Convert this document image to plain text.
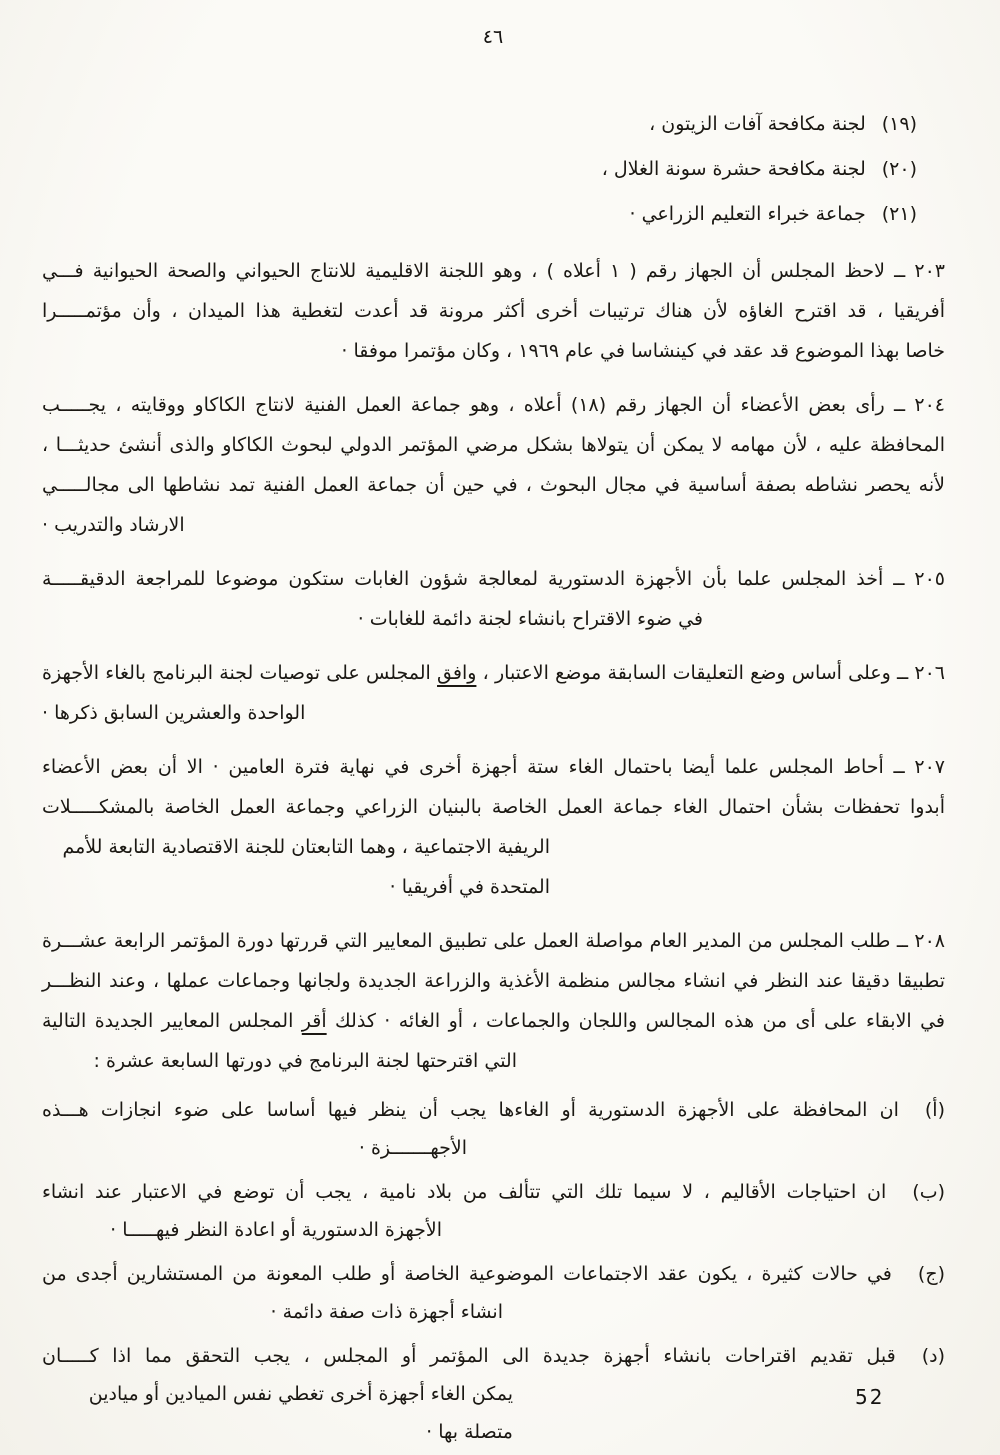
٤٦
(١٩)لجنة مكافحة آفات الزيتون ،
(٢٠)لجنة مكافحة حشرة سونة الغلال ،
(٢١)جماعة خبراء التعليم الزراعي ·
٢٠٣ ــ لاحظ المجلس أن الجهاز رقم ( ١ أعلاه ) ، وهو اللجنة الاقليمية للانتاج الحيواني والصحة الحيوانية فـــي
أفريقيا ، قد اقترح الغاؤه لأن هناك ترتيبات أخرى أكثر مرونة قد أعدت لتغطية هذا الميدان ، وأن مؤتمـــــرا
خاصا بهذا الموضوع قد عقد في كينشاسا في عام ١٩٦٩ ، وكان مؤتمرا موفقا ·
٢٠٤ ــ رأى بعض الأعضاء أن الجهاز رقم (١٨) أعلاه ، وهو جماعة العمل الفنية لانتاج الكاكاو ووقايته ، يجـــــب
المحافظة عليه ، لأن مهامه لا يمكن أن يتولاها بشكل مرضي المؤتمر الدولي لبحوث الكاكاو والذى أنشئ حديثـــا ،
لأنه يحصر نشاطه بصفة أساسية في مجال البحوث ، في حين أن جماعة العمل الفنية تمد نشاطها الى مجالـــــي
الارشاد والتدريب ·
٢٠٥ ــ أخذ المجلس علما بأن الأجهزة الدستورية لمعالجة شؤون الغابات ستكون موضوعا للمراجعة الدقيقـــــة
في ضوء الاقتراح بانشاء لجنة دائمة للغابات ·
٢٠٦ ــ وعلى أساس وضع التعليقات السابقة موضع الاعتبار ، وافق المجلس على توصيات لجنة البرنامج بالغاء الأجهزة
الواحدة والعشرين السابق ذكرها ·
٢٠٧ ــ أحاط المجلس علما أيضا باحتمال الغاء ستة أجهزة أخرى في نهاية فترة العامين · الا أن بعض الأعضاء
أبدوا تحفظات بشأن احتمال الغاء جماعة العمل الخاصة بالبنيان الزراعي وجماعة العمل الخاصة بالمشكـــــلات
الريفية الاجتماعية ، وهما التابعتان للجنة الاقتصادية التابعة للأمم المتحدة في أفريقيا ·
٢٠٨ ــ طلب المجلس من المدير العام مواصلة العمل على تطبيق المعايير التي قررتها دورة المؤتمر الرابعة عشـــرة
تطبيقا دقيقا عند النظر في انشاء مجالس منظمة الأغذية والزراعة الجديدة ولجانها وجماعات عملها ، وعند النظـــر
في الابقاء على أى من هذه المجالس واللجان والجماعات ، أو الغائه · كذلك أقر المجلس المعايير الجديدة التالية
التي اقترحتها لجنة البرنامج في دورتها السابعة عشرة :
(أ)ان المحافظة على الأجهزة الدستورية أو الغاءها يجب أن ينظر فيها أساسا على ضوء انجازات هـــذه
الأجهـــــــزة ·
(ب)ان احتياجات الأقاليم ، لا سيما تلك التي تتألف من بلاد نامية ، يجب أن توضع في الاعتبار عند انشاء
الأجهزة الدستورية أو اعادة النظر فيهـــــا ·
(ج)في حالات كثيرة ، يكون عقد الاجتماعات الموضوعية الخاصة أو طلب المعونة من المستشارين أجدى من
انشاء أجهزة ذات صفة دائمة ·
(د)قبل تقديم اقتراحات بانشاء أجهزة جديدة الى المؤتمر أو المجلس ، يجب التحقق مما اذا كـــــان
يمكن الغاء أجهزة أخرى تغطي نفس الميادين أو ميادين متصلة بها ·
52
